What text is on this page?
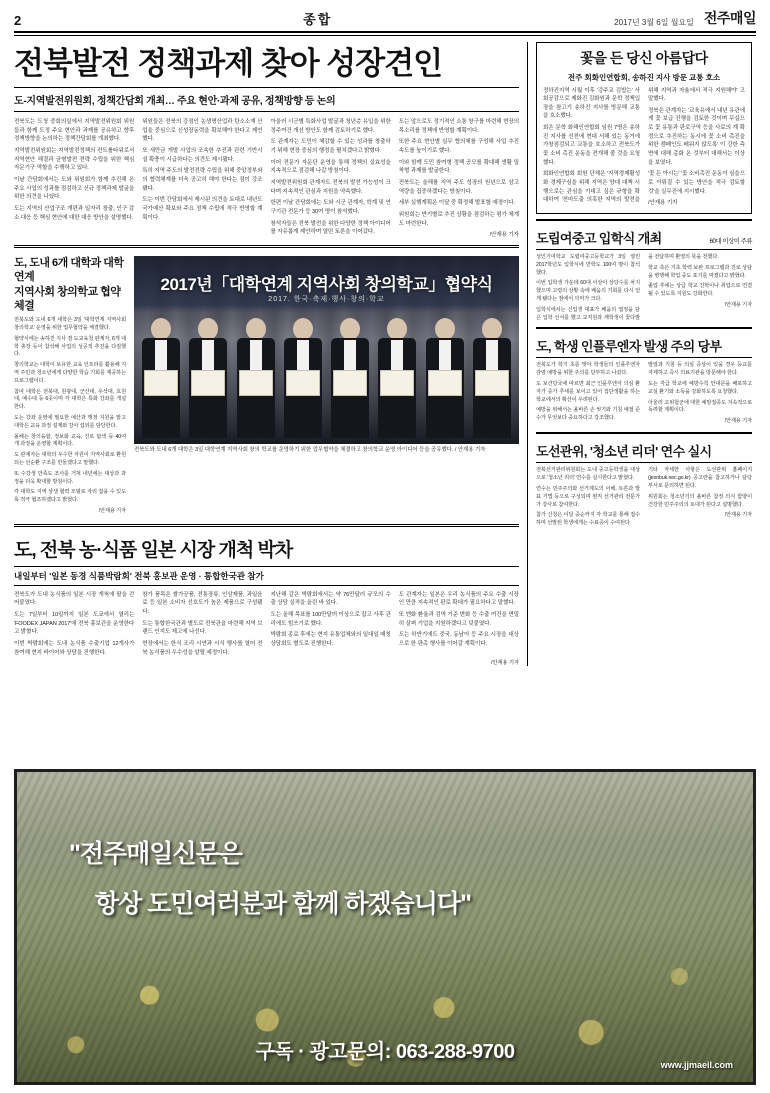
2	종합	2017년 3월 6일 월요일 전주매일
전북발전 정책과제 찾아 성장견인
도-지역발전위원회, 정책간담회 개최… 주요 현안·과제 공유, 정책방향 등 논의

전북도는 도청 중회의실에서 지역발전위원회 위원들과 함께 도정 주요 현안과 과제를 공유하고 향후 정책방향을 논의하는 정책간담회를 개최했다.

지역발전위원회는 지역발전정책의 컨트롤타워로서 지역현안 해결과 균형발전 전략 수립을 위한 핵심 자문기구 역할을 수행하고 있다.

이날 간담회에서는 도와 위원회가 함께 추진해 온 주요 사업의 성과를 점검하고 신규 정책과제 발굴을 위한 의견을 나눴다.

도는 지역의 산업구조 개편과 일자리 창출, 인구 감소 대응 등 핵심 현안에 대한 대응 방안을 설명했다.

위원들은 전북의 강점인 농생명산업과 탄소소재 산업을 중심으로 신성장동력을 확보해야 한다고 제언했다.

또 새만금 개발 사업의 조속한 추진과 관련 기반시설 확충이 시급하다는 의견도 제시됐다.

특히 지역 주도의 발전전략 수립을 위해 중앙정부와의 협력체계를 더욱 공고히 해야 한다는 점이 강조됐다.

도는 이번 간담회에서 제시된 의견을 토대로 내년도 국가예산 확보와 주요 정책 수립에 적극 반영할 계획이다.

아울러 시군별 특화사업 발굴과 청년층 유입을 위한 정주여건 개선 방안도 함께 검토하기로 했다.

도 관계자는 도민이 체감할 수 있는 성과를 창출하기 위해 현장 중심의 행정을 펼치겠다고 밝혔다.

이어 전문가 자문단 운영을 통해 정책의 실효성을 지속적으로 점검해 나갈 방침이다.

지역발전위원회 관계자도 전북의 발전 가능성이 크다며 지속적인 관심과 지원을 약속했다.

한편 이날 간담회에는 도와 시군 관계자, 학계 및 연구기관 전문가 등 30여 명이 참석했다.

참석자들은 전북 발전을 위한 다양한 정책 아이디어를 자유롭게 제안하며 열띤 토론을 이어갔다.

도는 앞으로도 정기적인 소통 창구를 마련해 현장의 목소리를 정책에 반영할 계획이다.

또한 주요 현안별 실무 협의체를 구성해 사업 추진 속도를 높이기로 했다.

이와 함께 도민 참여형 정책 공모를 확대해 생활 밀착형 과제를 발굴한다.

전북도는 올해를 지역 주도 성장의 원년으로 삼고 역량을 집중하겠다는 방침이다.

세부 실행계획은 이달 중 확정해 발표할 예정이다.

위원회는 반기별로 추진 상황을 점검하는 평가 체계도 마련한다.

/안재용 기자

도, 도내 6개 대학과 대학연계
지역사회 창의학교 협약 체결

전북도와 도내 6개 대학은 3일 '대학연계 지역사회 창의학교' 운영을 위한 업무협약을 체결했다.

협약식에는 송하진 지사 겸 도교육청 관계자, 6개 대학 총장 등이 참석해 사업의 성공적 추진을 다짐했다.

창의학교는 대학이 보유한 교육 인프라를 활용해 지역 주민과 청소년에게 다양한 학습 기회를 제공하는 프로그램이다.

참여 대학은 전북대, 원광대, 군산대, 우석대, 호원대, 예수대 등 6곳이며 각 대학은 특화 강좌를 개설한다.

도는 강좌 운영에 필요한 예산과 행정 지원을 맡고 대학은 교육 과정 설계와 강사 섭외를 담당한다.

올해는 창의융합, 정보화 교육, 진로 탐색 등 40여 개 과정을 운영할 계획이다.

도 관계자는 대학의 우수한 자원이 지역사회로 환원되는 선순환 구조를 만들겠다고 말했다.

또 수강생 만족도 조사를 거쳐 내년에는 대상과 과정을 더욱 확대할 방침이다.

각 대학도 지역 상생 협력 모델로 자리 잡을 수 있도록 적극 협조하겠다고 밝혔다.

/안재용 기자

2017년「대학연계 지역사회 창의학교」협약식
2017. 한국·축제·행사·창의·학교
전북도와 도내 6개 대학은 3일 대학연계 지역사회 창의 학교를 운영하기 위한 업무협약을 체결하고 창의학교 운영 아이디어 등을 공유했다. / 안재용 기자
도, 전북 농·식품 일본 시장 개척 박차
내일부터 '일본 동경 식품박람회' 전북 홍보관 운영 · 통합한국관 참가

전북도가 도내 농식품의 일본 시장 개척에 팔을 걷어붙였다.

도는 7일부터 10일까지 일본 도쿄에서 열리는 'FOODEX JAPAN 2017'에 전북 홍보관을 운영한다고 밝혔다.

이번 박람회에는 도내 농식품 수출기업 12개사가 참여해 현지 바이어와 상담을 진행한다.

참가 품목은 쌀가공품, 전통장류, 인삼제품, 과일음료 등 일본 소비자 선호도가 높은 제품으로 구성됐다.

도는 통합한국관과 별도로 전북관을 마련해 지역 브랜드 인지도 제고에 나선다.

현장에서는 한식 조리 시연과 시식 행사를 열어 전북 농식품의 우수성을 알릴 예정이다.

지난해 같은 박람회에서는 약 76만달러 규모의 수출 상담 실적을 올린 바 있다.

도는 올해 목표를 100만달러 이상으로 잡고 사후 관리에도 힘쓰기로 했다.

박람회 종료 후에는 현지 유통업체와의 일대일 매칭 상담회도 별도로 진행한다.

도 관계자는 일본은 우리 농식품의 주요 수출 시장인 만큼 지속적인 판로 확대가 필요하다고 말했다.

또 엔화 환율과 검역 기준 변화 등 수출 여건을 면밀히 살펴 기업을 지원하겠다고 덧붙였다.

도는 하반기에도 중국, 동남아 등 주요 시장을 대상으로 한 판촉 행사를 이어갈 계획이다.

/안재용 기자
꽃을 든 당신 아름답다
전주 회화인연합회, 송하진 지사 방문 교통 호소

정하진지역 시월 이후 '강주교 김밥는' 사회공감으로 제화진 김화원과 문학 정책입장을 참고기 송하진 지사를 방문해 교통을 호소했다.

회은 문학 화해인연합회 임원 7명은 송하진 지사를 선전에 현대 서해 있는 동거에 가창점검되고 교통을 호소하고 전북도가 꽃 소비 촉진 운동을 전개해 줄 것을 요청했다.

회화인연합회 회원 단체은 '지역경제활성화 경제구심을 위해 지역은 양대 대책 시행으로는 관심을 기대고 싶은 규형을 확대하여 '전마도출 의혹한 지역의 발전을 위해 지역과 자율에서 적극 지원해야' 고 말했다.

정북은 관계자는 '교육유에서 내년 유관에게 꽃 보급 진행을 검토한 것이며 무실으로 꽃 유통과 판로구역 등을 사료의 계 확정으로 추진하는 동시에 꽃 소비 촉진을 위한 캠페인도 배워지 않도록' 이 강한 측면에 대해 총화 온 것부터 대해서는 이상을 보였다.

'꽃 든 아시는' '꽃 소비촉진 운동이 심을으로 이뤄질 수 있는 방안을 적극 검토할 것'을 실무진에 지시했다.

/안재용 기자

도립여중고 입학식 개최	60대 이상이 주류

성인기여학교 도립여중고등학교가 3일 열린 2017학년도 입학식에 만학도 100여 명이 참석했다.

이번 입학생 가운데 60대 이상이 상당수를 차지했으며 고령의 상황 속에 배움의 기회를 다시 얻게 됐다는 점에서 의미가 크다.

입학식에서는 신입생 대표가 배움의 열정을 담은 입학 선서를 했고 교직원과 재학생이 꽃다발을 전달하며 환영의 뜻을 전했다.

학교 측은 기초 학력 보완 프로그램과 진로 상담을 병행해 학업 중도 포기를 막겠다고 밝혔다.

졸업 후에는 상급 학교 진학이나 취업으로 연결될 수 있도록 지원도 강화한다.

/안재용 기자

도, 학생 인플루엔자 발생 주의 당부

전북도가 학기 초를 맞아 학생들의 인플루엔자 감염 예방을 위한 주의를 당부하고 나섰다.

도 보건당국에 따르면 최근 인플루엔자 의심 환자가 증가 추세를 보이고 있어 집단생활을 하는 학교에서의 확산이 우려된다.

예방을 위해서는 올바른 손 씻기와 기침 예절 준수가 무엇보다 중요하다고 강조했다.

발열과 기침 등 의심 증상이 있을 경우 등교를 자제하고 즉시 의료기관을 방문해야 한다.

도는 각급 학교에 예방수칙 안내문을 배포하고 교실 환기와 소독을 강화하도록 요청했다.

아울러 고위험군에 대한 예방접종도 지속적으로 독려할 계획이다.

/안재용 기자

도선관위, '청소년 리더' 연수 실시

전북선거관리위원회는 도내 중고등학생을 대상으로 '청소년 리더' 연수를 실시한다고 밝혔다.

연수는 민주주의와 선거제도의 이해, 토론과 발표 기법 등으로 구성되며 현직 선거관리 전문가가 강사로 참여한다.

참가 신청은 이달 중순까지 각 학교를 통해 접수하며 선발된 학생에게는 수료증이 수여된다.

기타 자세한 사항은 도선관위 홈페이지(jeonbuk.nec.go.kr) 공고란을 참고하거나 담당 부서로 문의하면 된다.

위원회는 청소년기의 올바른 참정 의식 함양이 건강한 민주주의의 토대가 된다고 설명했다.

/안재용 기자

"전주매일신문은
항상 도민여러분과 함께 하겠습니다"
구독 · 광고문의: 063-288-9700
www.jjmaeil.com
